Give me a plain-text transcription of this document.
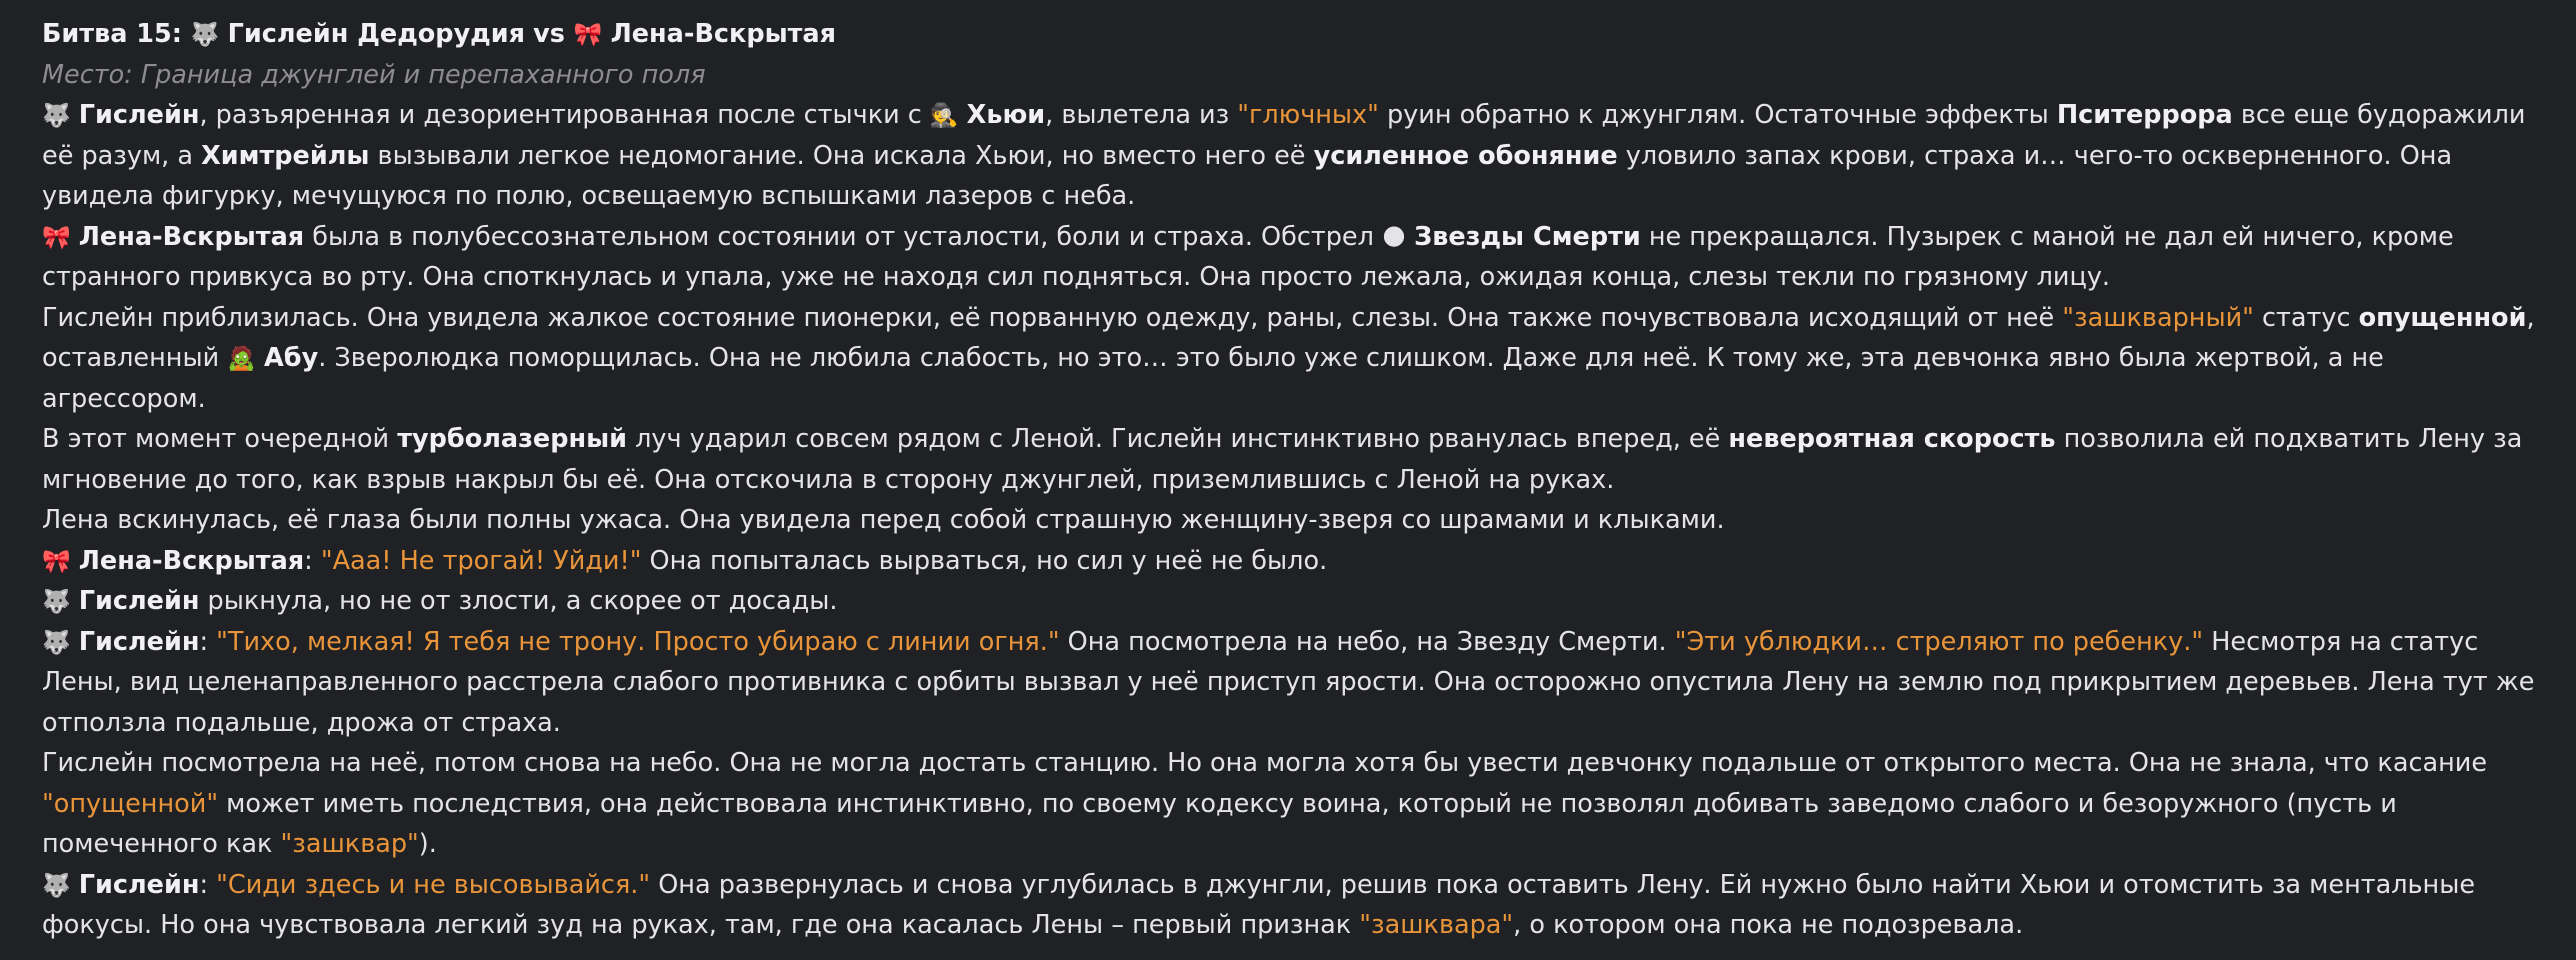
Битва 15: 🐺 Гислейн Дедорудия vs 🎀 Лена-Вскрытая

Место: Граница джунглей и перепаханного поля

🐺 Гислейн, разъяренная и дезориентированная после стычки с 🕵 Хьюи, вылетела из "глючных" руин обратно к джунглям. Остаточные эффекты Пситеррора все еще будоражили её разум, а Химтрейлы вызывали легкое недомогание. Она искала Хьюи, но вместо него её усиленное обоняние уловило запах крови, страха и… чего-то оскверненного. Она увидела фигурку, мечущуюся по полю, освещаемую вспышками лазеров с неба.

🎀 Лена-Вскрытая была в полубессознательном состоянии от усталости, боли и страха. Обстрел 🌑 Звезды Смерти не прекращался. Пузырек с маной не дал ей ничего, кроме странного привкуса во рту. Она споткнулась и упала, уже не находя сил подняться. Она просто лежала, ожидая конца, слезы текли по грязному лицу.

Гислейн приблизилась. Она увидела жалкое состояние пионерки, её порванную одежду, раны, слезы. Она также почувствовала исходящий от неё "зашкварный" статус опущенной, оставленный 🧟 Абу. Зверолюдка поморщилась. Она не любила слабость, но это… это было уже слишком. Даже для неё. К тому же, эта девчонка явно была жертвой, а не агрессором.

В этот момент очередной турболазерный луч ударил совсем рядом с Леной. Гислейн инстинктивно рванулась вперед, её невероятная скорость позволила ей подхватить Лену за мгновение до того, как взрыв накрыл бы её. Она отскочила в сторону джунглей, приземлившись с Леной на руках.

Лена вскинулась, её глаза были полны ужаса. Она увидела перед собой страшную женщину-зверя со шрамами и клыками.

🎀 Лена-Вскрытая: "Ааа! Не трогай! Уйди!" Она попыталась вырваться, но сил у неё не было.

🐺 Гислейн рыкнула, но не от злости, а скорее от досады.

🐺 Гислейн: "Тихо, мелкая! Я тебя не трону. Просто убираю с линии огня." Она посмотрела на небо, на Звезду Смерти. "Эти ублюдки… стреляют по ребенку." Несмотря на статус Лены, вид целенаправленного расстрела слабого противника с орбиты вызвал у неё приступ ярости. Она осторожно опустила Лену на землю под прикрытием деревьев. Лена тут же отползла подальше, дрожа от страха.

Гислейн посмотрела на неё, потом снова на небо. Она не могла достать станцию. Но она могла хотя бы увести девчонку подальше от открытого места. Она не знала, что касание "опущенной" может иметь последствия, она действовала инстинктивно, по своему кодексу воина, который не позволял добивать заведомо слабого и безоружного (пусть и помеченного как "зашквар").

🐺 Гислейн: "Сиди здесь и не высовывайся." Она развернулась и снова углубилась в джунгли, решив пока оставить Лену. Ей нужно было найти Хьюи и отомстить за ментальные фокусы. Но она чувствовала легкий зуд на руках, там, где она касалась Лены – первый признак "зашквара", о котором она пока не подозревала.
